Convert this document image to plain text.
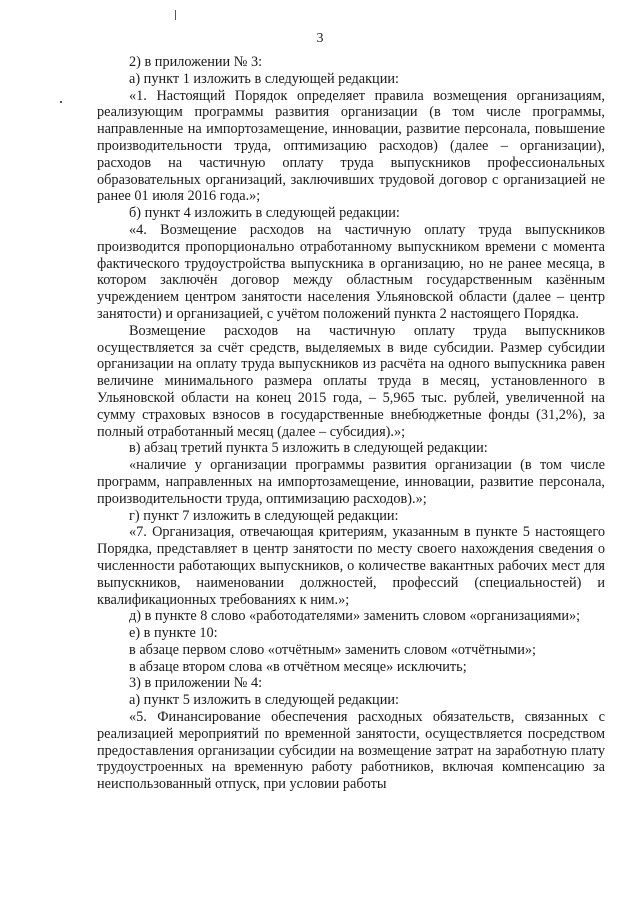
3

2) в приложении № 3:

а) пункт 1 изложить в следующей редакции:

«1. Настоящий Порядок определяет правила возмещения организациям, реализующим программы развития организации (в том числе программы, направленные на импортозамещение, инновации, развитие персонала, повышение производительности труда, оптимизацию расходов) (далее – организации), расходов на частичную оплату труда выпускников профессиональных образовательных организаций, заключивших трудовой договор с организацией не ранее 01 июля 2016 года.»;

б) пункт 4 изложить в следующей редакции:

«4. Возмещение расходов на частичную оплату труда выпускников производится пропорционально отработанному выпускником времени с момента фактического трудоустройства выпускника в организацию, но не ранее месяца, в котором заключён договор между областным государственным казённым учреждением центром занятости населения Ульяновской области (далее – центр занятости) и организацией, с учётом положений пункта 2 настоящего Порядка.

Возмещение расходов на частичную оплату труда выпускников осуществляется за счёт средств, выделяемых в виде субсидии. Размер субсидии организации на оплату труда выпускников из расчёта на одного выпускника равен величине минимального размера оплаты труда в месяц, установленного в Ульяновской области на конец 2015 года, – 5,965 тыс. рублей, увеличенной на сумму страховых взносов в государственные внебюджетные фонды (31,2%), за полный отработанный месяц (далее – субсидия).»;

в) абзац третий пункта 5 изложить в следующей редакции:

«наличие у организации программы развития организации (в том числе программ, направленных на импортозамещение, инновации, развитие персонала, производительности труда, оптимизацию расходов).»;

г) пункт 7 изложить в следующей редакции:

«7. Организация, отвечающая критериям, указанным в пункте 5 настоящего Порядка, представляет в центр занятости по месту своего нахождения сведения о численности работающих выпускников, о количестве вакантных рабочих мест для выпускников, наименовании должностей, профессий (специальностей) и квалификационных требованиях к ним.»;

д) в пункте 8 слово «работодателями» заменить словом «организациями»;

е) в пункте 10:

в абзаце первом слово «отчётным» заменить словом «отчётными»;

в абзаце втором слова «в отчётном месяце» исключить;

3) в приложении № 4:

а) пункт 5 изложить в следующей редакции:

«5. Финансирование обеспечения расходных обязательств, связанных с реализацией мероприятий по временной занятости, осуществляется посредством предоставления организации субсидии на возмещение затрат на заработную плату трудоустроенных на временную работу работников, включая компенсацию за неиспользованный отпуск, при условии работы
